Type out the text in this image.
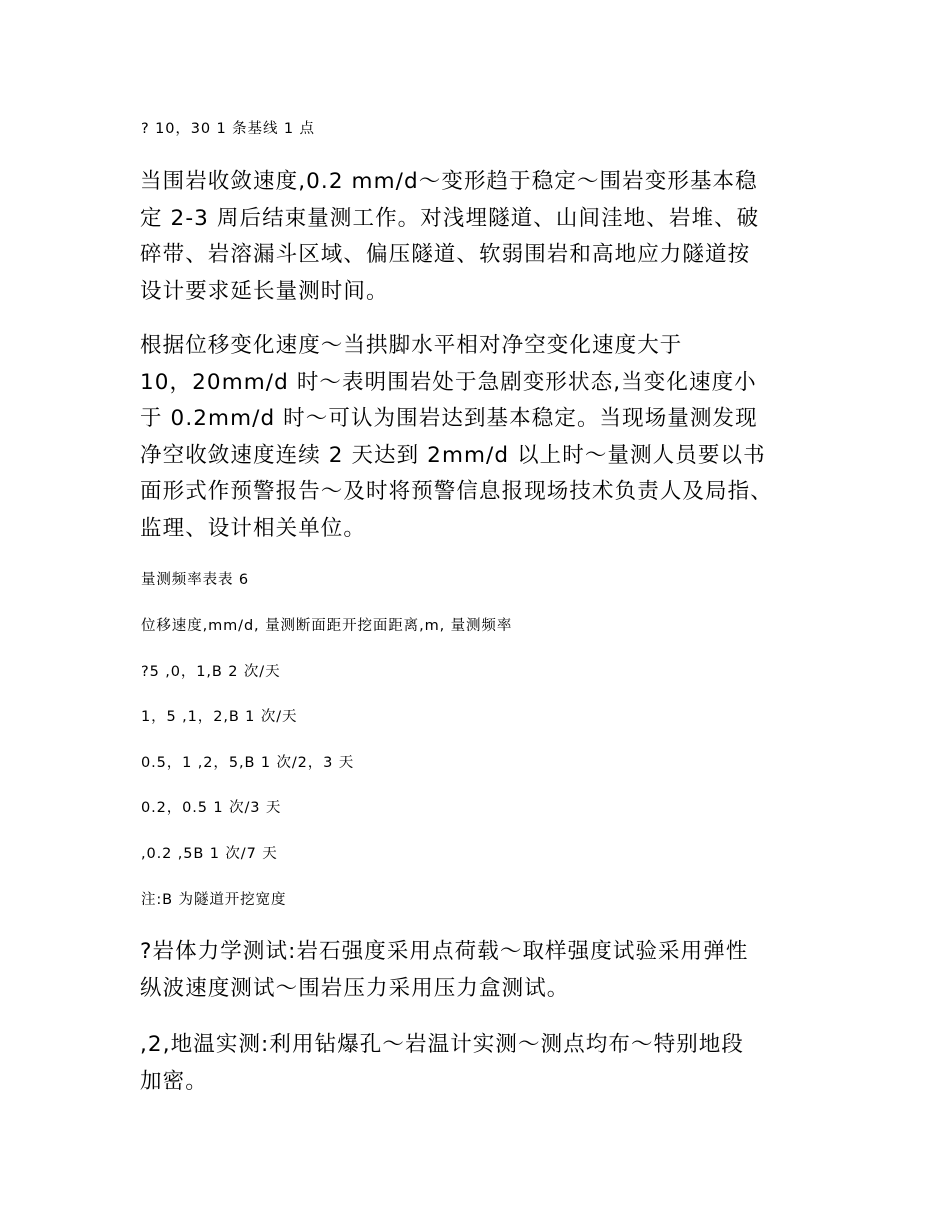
? 10，30 1 条基线 1 点
当围岩收敛速度,0.2 mm/d～变形趋于稳定～围岩变形基本稳
定 2-3 周后结束量测工作。对浅埋隧道、山间洼地、岩堆、破
碎带、岩溶漏斗区域、偏压隧道、软弱围岩和高地应力隧道按
设计要求延长量测时间。
根据位移变化速度～当拱脚水平相对净空变化速度大于
10，20mm/d 时～表明围岩处于急剧变形状态,当变化速度小
于 0.2mm/d 时～可认为围岩达到基本稳定。当现场量测发现
净空收敛速度连续 2 天达到 2mm/d 以上时～量测人员要以书
面形式作预警报告～及时将预警信息报现场技术负责人及局指、
监理、设计相关单位。
量测频率表表 6
位移速度,mm/d, 量测断面距开挖面距离,m, 量测频率
?5 ,0，1,B 2 次/天
1，5 ,1，2,B 1 次/天
0.5，1 ,2，5,B 1 次/2，3 天
0.2，0.5 1 次/3 天
,0.2 ,5B 1 次/7 天
注:B 为隧道开挖宽度
?岩体力学测试:岩石强度采用点荷载～取样强度试验采用弹性
纵波速度测试～围岩压力采用压力盒测试。
,2,地温实测:利用钻爆孔～岩温计实测～测点均布～特别地段
加密。
